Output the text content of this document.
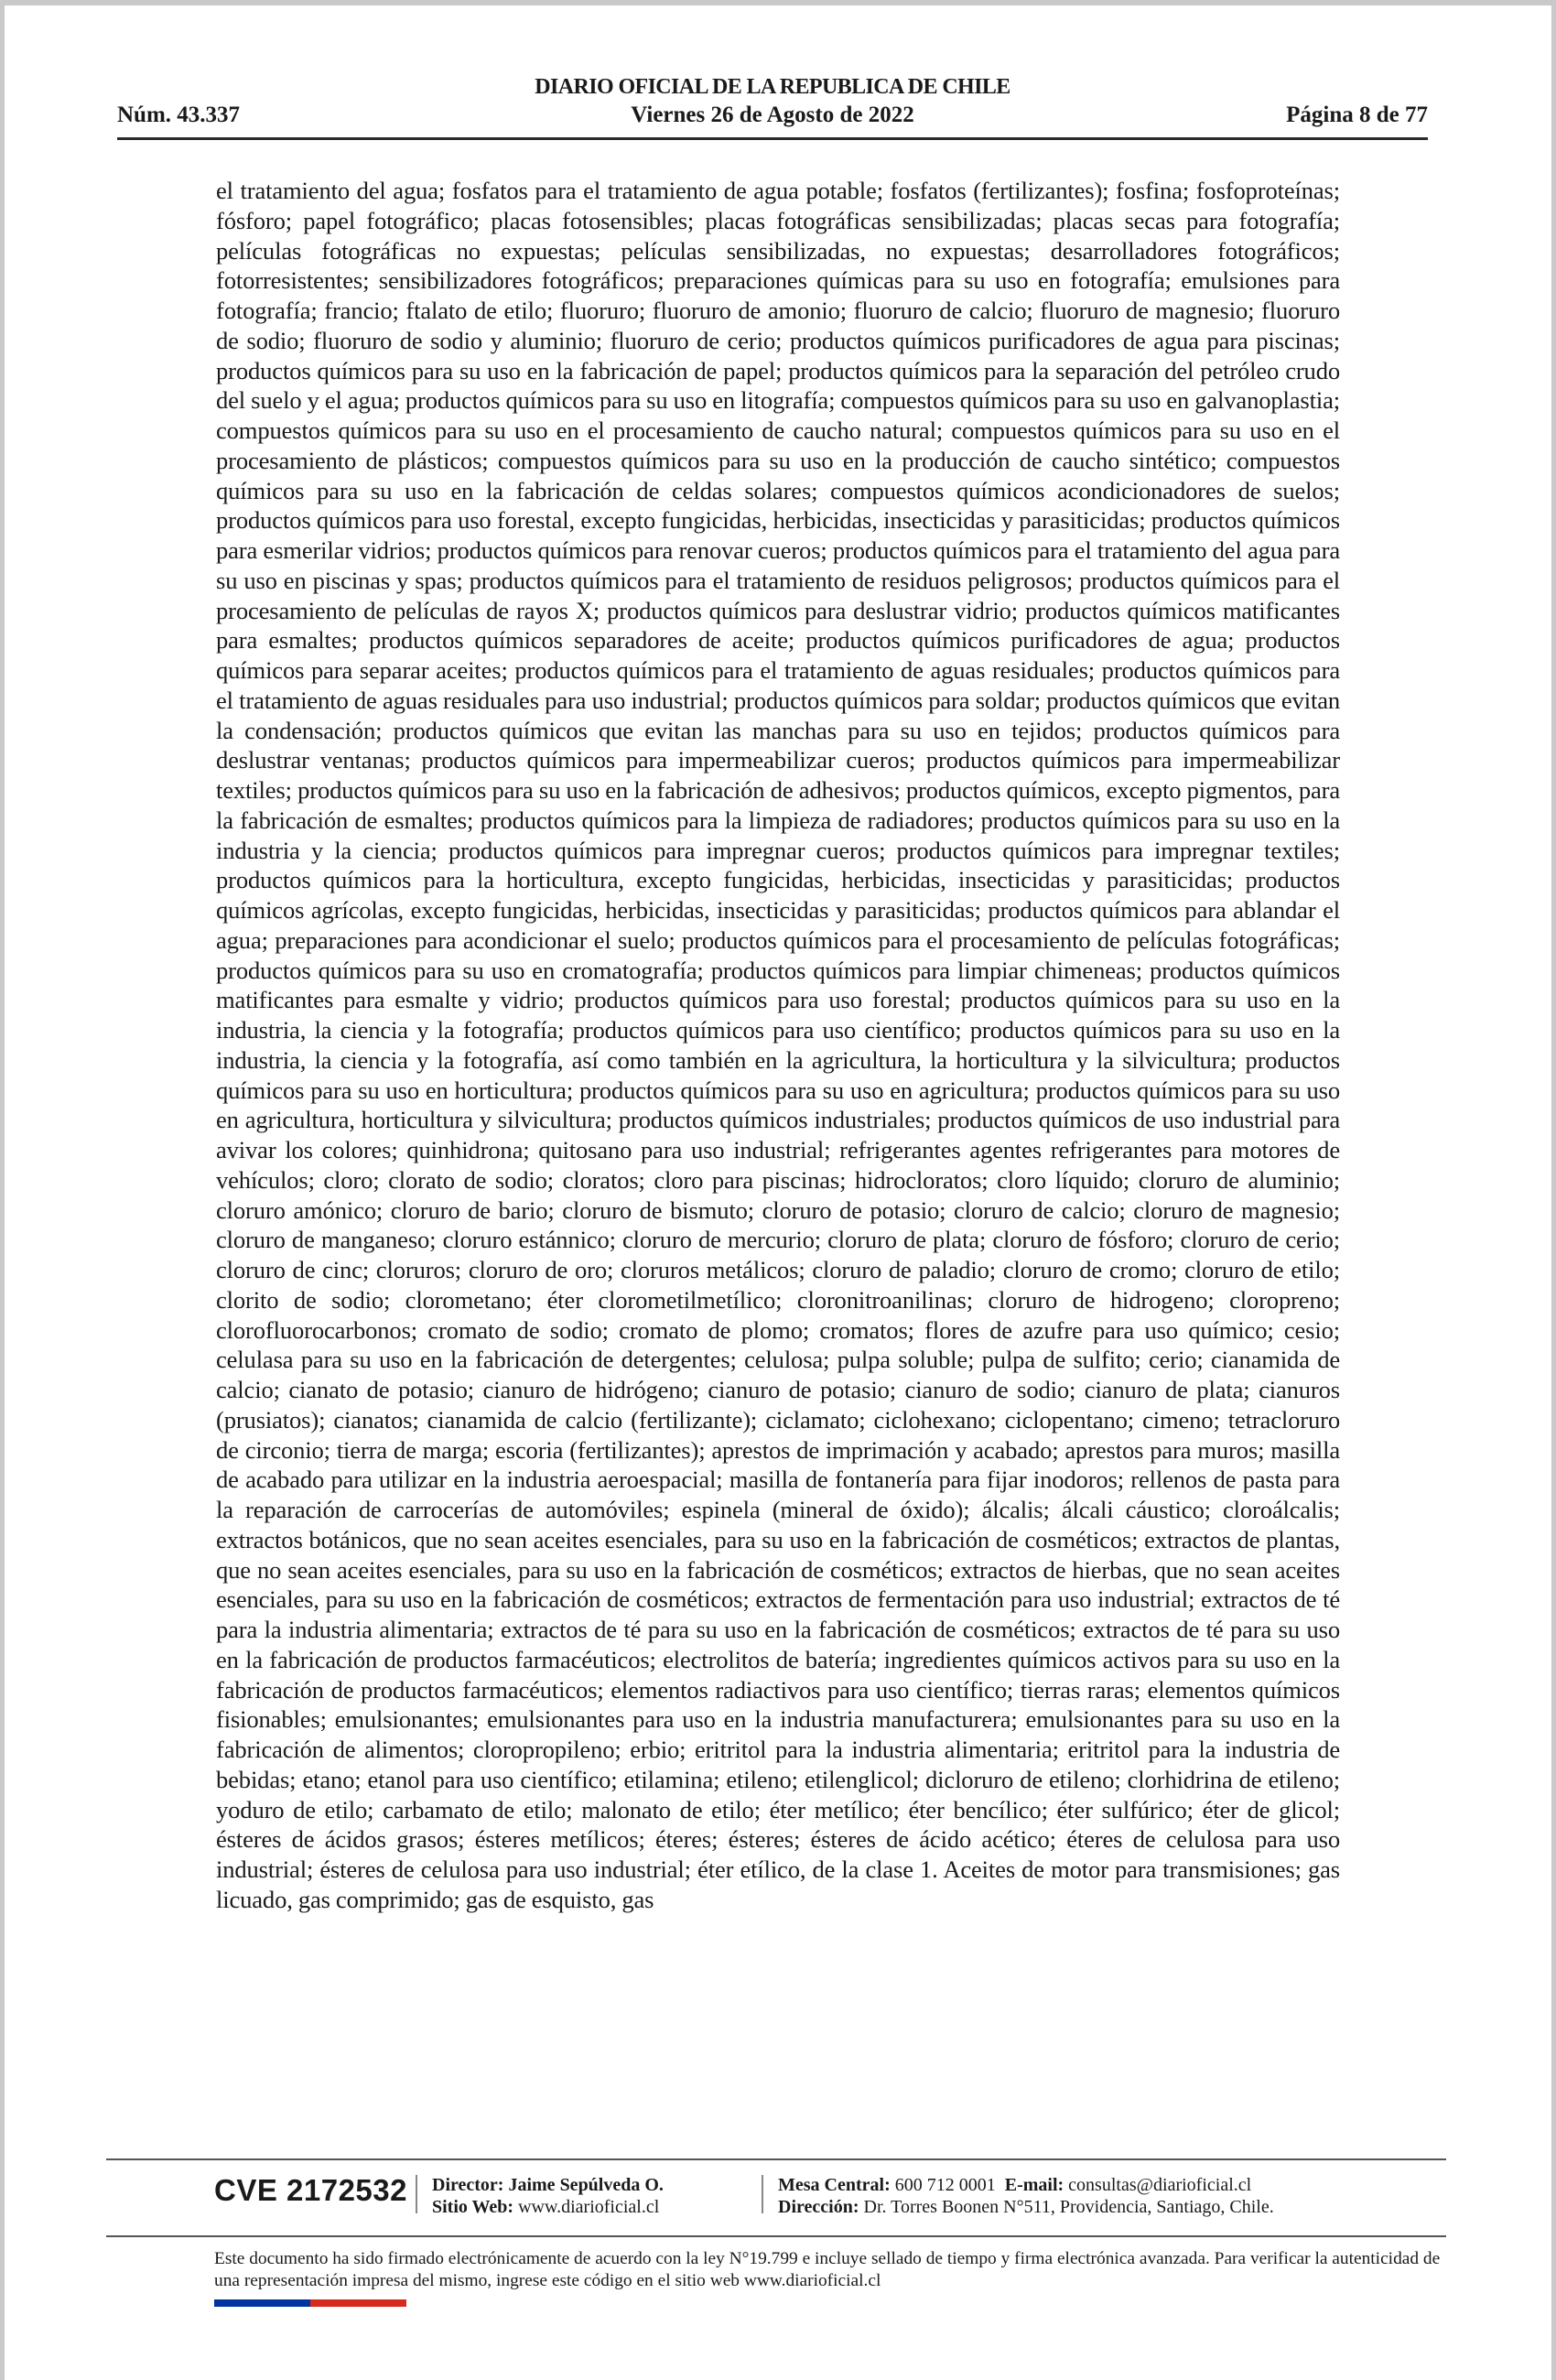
DIARIO OFICIAL DE LA REPUBLICA DE CHILE
Núm. 43.337	Viernes 26 de Agosto de 2022	Página 8 de 77
el tratamiento del agua; fosfatos para el tratamiento de agua potable; fosfatos (fertilizantes); fosfina; fosfoproteínas; fósforo; papel fotográfico; placas fotosensibles; placas fotográficas sensibilizadas; placas secas para fotografía; películas fotográficas no expuestas; películas sensibilizadas, no expuestas; desarrolladores fotográficos; fotorresistentes; sensibilizadores fotográficos; preparaciones químicas para su uso en fotografía; emulsiones para fotografía; francio; ftalato de etilo; fluoruro; fluoruro de amonio; fluoruro de calcio; fluoruro de magnesio; fluoruro de sodio; fluoruro de sodio y aluminio; fluoruro de cerio; productos químicos purificadores de agua para piscinas; productos químicos para su uso en la fabricación de papel; productos químicos para la separación del petróleo crudo del suelo y el agua; productos químicos para su uso en litografía; compuestos químicos para su uso en galvanoplastia; compuestos químicos para su uso en el procesamiento de caucho natural; compuestos químicos para su uso en el procesamiento de plásticos; compuestos químicos para su uso en la producción de caucho sintético; compuestos químicos para su uso en la fabricación de celdas solares; compuestos químicos acondicionadores de suelos; productos químicos para uso forestal, excepto fungicidas, herbicidas, insecticidas y parasiticidas; productos químicos para esmerilar vidrios; productos químicos para renovar cueros; productos químicos para el tratamiento del agua para su uso en piscinas y spas; productos químicos para el tratamiento de residuos peligrosos; productos químicos para el procesamiento de películas de rayos X; productos químicos para deslustrar vidrio; productos químicos matificantes para esmaltes; productos químicos separadores de aceite; productos químicos purificadores de agua; productos químicos para separar aceites; productos químicos para el tratamiento de aguas residuales; productos químicos para el tratamiento de aguas residuales para uso industrial; productos químicos para soldar; productos químicos que evitan la condensación; productos químicos que evitan las manchas para su uso en tejidos; productos químicos para deslustrar ventanas; productos químicos para impermeabilizar cueros; productos químicos para impermeabilizar textiles; productos químicos para su uso en la fabricación de adhesivos; productos químicos, excepto pigmentos, para la fabricación de esmaltes; productos químicos para la limpieza de radiadores; productos químicos para su uso en la industria y la ciencia; productos químicos para impregnar cueros; productos químicos para impregnar textiles; productos químicos para la horticultura, excepto fungicidas, herbicidas, insecticidas y parasiticidas; productos químicos agrícolas, excepto fungicidas, herbicidas, insecticidas y parasiticidas; productos químicos para ablandar el agua; preparaciones para acondicionar el suelo; productos químicos para el procesamiento de películas fotográficas; productos químicos para su uso en cromatografía; productos químicos para limpiar chimeneas; productos químicos matificantes para esmalte y vidrio; productos químicos para uso forestal; productos químicos para su uso en la industria, la ciencia y la fotografía; productos químicos para uso científico; productos químicos para su uso en la industria, la ciencia y la fotografía, así como también en la agricultura, la horticultura y la silvicultura; productos químicos para su uso en horticultura; productos químicos para su uso en agricultura; productos químicos para su uso en agricultura, horticultura y silvicultura; productos químicos industriales; productos químicos de uso industrial para avivar los colores; quinhidrona; quitosano para uso industrial; refrigerantes agentes refrigerantes para motores de vehículos; cloro; clorato de sodio; cloratos; cloro para piscinas; hidrocloratos; cloro líquido; cloruro de aluminio; cloruro amónico; cloruro de bario; cloruro de bismuto; cloruro de potasio; cloruro de calcio; cloruro de magnesio; cloruro de manganeso; cloruro estánnico; cloruro de mercurio; cloruro de plata; cloruro de fósforo; cloruro de cerio; cloruro de cinc; cloruros; cloruro de oro; cloruros metálicos; cloruro de paladio; cloruro de cromo; cloruro de etilo; clorito de sodio; clorometano; éter clorometilmetílico; cloronitroanilinas; cloruro de hidrogeno; cloropreno; clorofluorocarbonos; cromato de sodio; cromato de plomo; cromatos; flores de azufre para uso químico; cesio; celulasa para su uso en la fabricación de detergentes; celulosa; pulpa soluble; pulpa de sulfito; cerio; cianamida de calcio; cianato de potasio; cianuro de hidrógeno; cianuro de potasio; cianuro de sodio; cianuro de plata; cianuros (prusiatos); cianatos; cianamida de calcio (fertilizante); ciclamato; ciclohexano; ciclopentano; cimeno; tetracloruro de circonio; tierra de marga; escoria (fertilizantes); aprestos de imprimación y acabado; aprestos para muros; masilla de acabado para utilizar en la industria aeroespacial; masilla de fontanería para fijar inodoros; rellenos de pasta para la reparación de carrocerías de automóviles; espinela (mineral de óxido); álcalis; álcali cáustico; cloroálcalis; extractos botánicos, que no sean aceites esenciales, para su uso en la fabricación de cosméticos; extractos de plantas, que no sean aceites esenciales, para su uso en la fabricación de cosméticos; extractos de hierbas, que no sean aceites esenciales, para su uso en la fabricación de cosméticos; extractos de fermentación para uso industrial; extractos de té para la industria alimentaria; extractos de té para su uso en la fabricación de cosméticos; extractos de té para su uso en la fabricación de productos farmacéuticos; electrolitos de batería; ingredientes químicos activos para su uso en la fabricación de productos farmacéuticos; elementos radiactivos para uso científico; tierras raras; elementos químicos fisionables; emulsionantes; emulsionantes para uso en la industria manufacturera; emulsionantes para su uso en la fabricación de alimentos; cloropropileno; erbio; eritritol para la industria alimentaria; eritritol para la industria de bebidas; etano; etanol para uso científico; etilamina; etileno; etilenglicol; dicloruro de etileno; clorhidrina de etileno; yoduro de etilo; carbamato de etilo; malonato de etilo; éter metílico; éter bencílico; éter sulfúrico; éter de glicol; ésteres de ácidos grasos; ésteres metílicos; éteres; ésteres; ésteres de ácido acético; éteres de celulosa para uso industrial; ésteres de celulosa para uso industrial; éter etílico, de la clase 1. Aceites de motor para transmisiones; gas licuado, gas comprimido; gas de esquisto, gas
CVE 2172532 Director: Jaime Sepúlveda O.
Sitio Web: www.diarioficial.cl
Mesa Central: 600 712 0001 E-mail: consultas@diarioficial.cl
Dirección: Dr. Torres Boonen N°511, Providencia, Santiago, Chile.
Este documento ha sido firmado electrónicamente de acuerdo con la ley N°19.799 e incluye sellado de tiempo y firma electrónica avanzada. Para verificar la autenticidad de una representación impresa del mismo, ingrese este código en el sitio web www.diarioficial.cl
